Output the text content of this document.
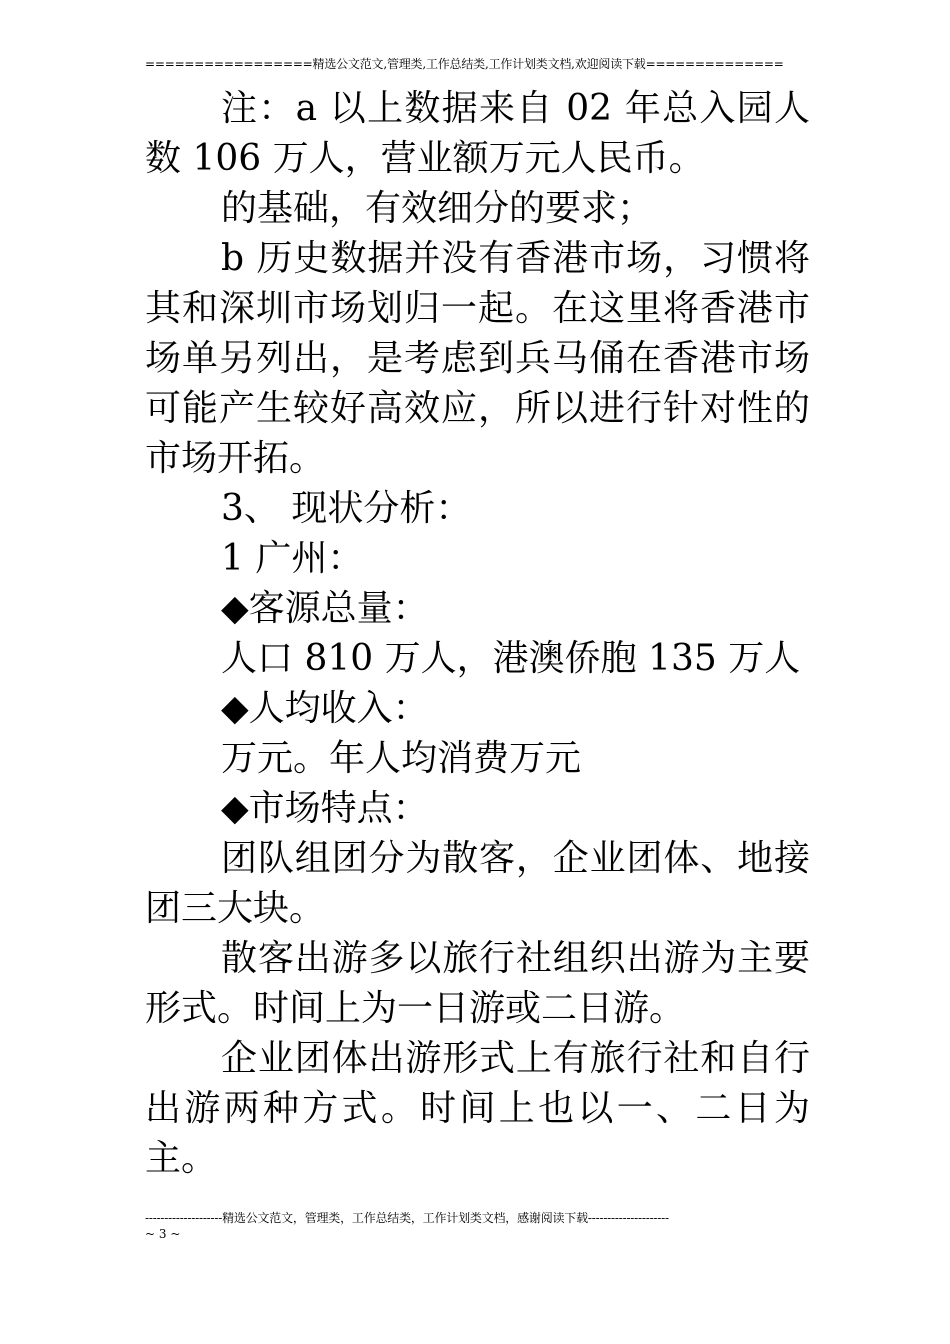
=================精选公文范文,管理类,工作总结类,工作计划类文档,欢迎阅读下载==============

注：a 以上数据来自 02 年总入园人数 106 万人，营业额万元人民币。

的基础，有效细分的要求；

b 历史数据并没有香港市场，习惯将其和深圳市场划归一起。在这里将香港市场单另列出，是考虑到兵马俑在香港市场可能产生较好高效应，所以进行针对性的市场开拓。

3、 现状分析：

1 广州：

◆客源总量：

人口 810 万人，港澳侨胞 135 万人

◆人均收入：

万元。年人均消费万元

◆市场特点：

团队组团分为散客，企业团体、地接团三大块。

散客出游多以旅行社组织出游为主要形式。时间上为一日游或二日游。

企业团体出游形式上有旅行社和自行出游两种方式。时间上也以一、二日为主。

--------------------精选公文范文，管理类，工作总结类，工作计划类文档，感谢阅读下载---------------------
~ 3 ~
